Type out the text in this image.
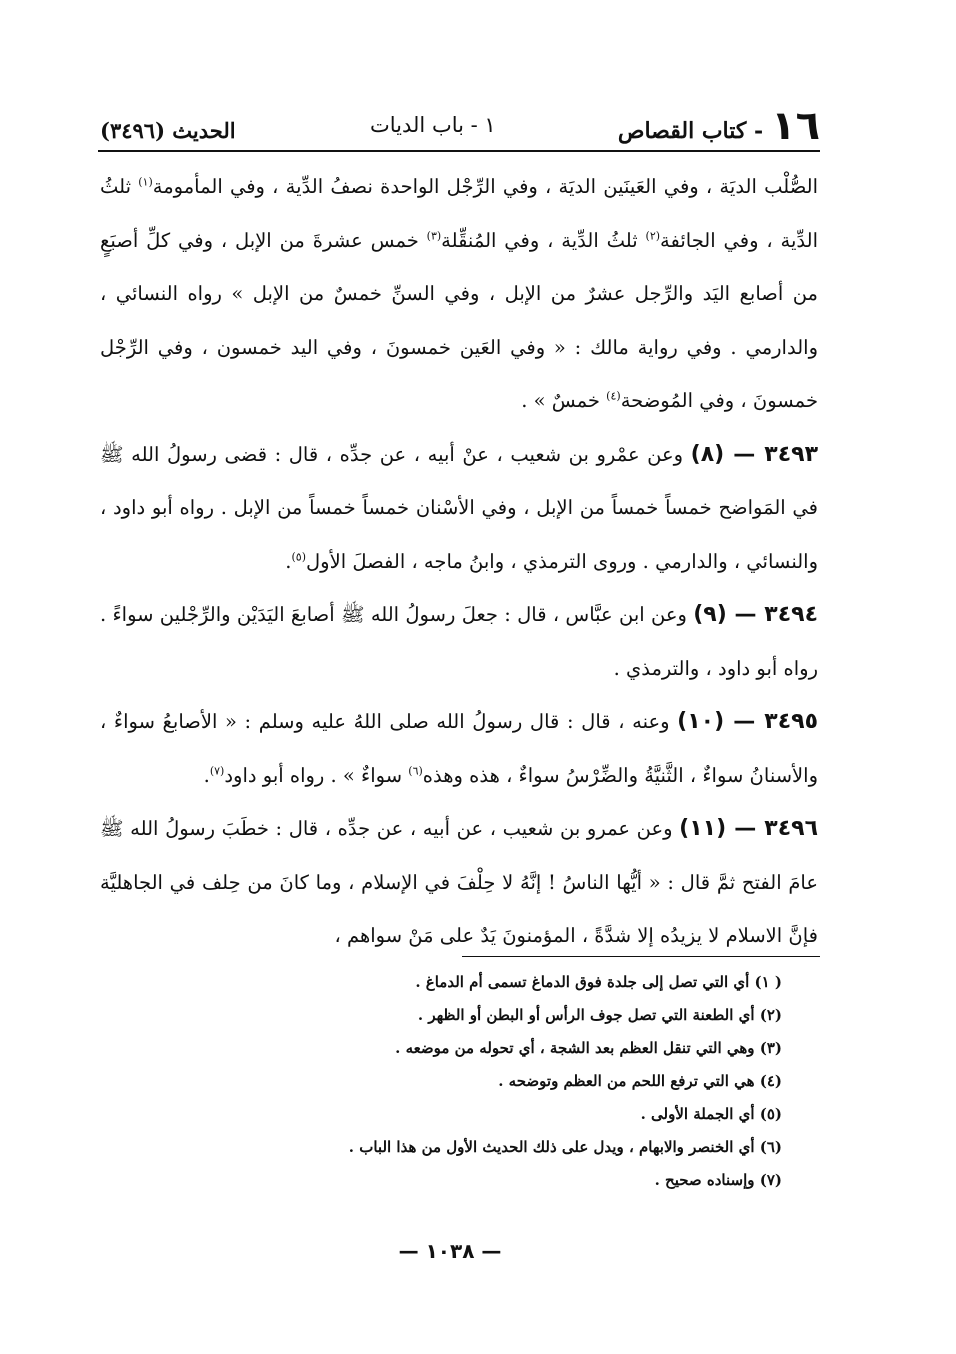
١٦
- كتاب القصاص
١ - باب الديات
الحديث (٣٤٩٦)

الصُّلْب الديَة ، وفي العَينَين الديَة ، وفي الرِّجْل الواحدة نصفُ الدِّية ، وفي المأمومة$^{(١)}$ ثلثُ الدِّية ، وفي الجائفة$^{(٢)}$ ثلثُ الدِّية ، وفي المُنقِّلة$^{(٣)}$ خمس عشرةَ من الإبل ، وفي كلِّ أصبَعٍ من أصابع اليَد والرِّجل عشرٌ من الإبل ، وفي السنِّ خمسٌ من الإبل » رواه النسائي ، والدارمي . وفي رواية مالك : « وفي العَين خمسونَ ، وفي اليد خمسون ، وفي الرِّجْل خمسونَ ، وفي المُوضحة$^{(٤)}$ خمسٌ » .

٣٤٩٣ — (٨) وعن عمْرو بن شعيب ، عنْ أبيه ، عن جدِّه ، قال : قضى رسولُ الله ﷺ في المَواضح خمساً خمساً من الإبل ، وفي الأسْنان خمساً خمساً من الإبل . رواه أبو داود ، والنسائي ، والدارمي . وروى الترمذي ، وابنُ ماجه ، الفصلَ الأول$^{(٥)}$.

٣٤٩٤ — (٩) وعن ابن عبَّاس ، قال : جعلَ رسولُ الله ﷺ أصابعَ اليَدَيْن والرِّجْلين سواءً . رواه أبو داود ، والترمذي .

٣٤٩٥ — (١٠) وعنه ، قال : قال رسولُ الله صلى اللهُ عليه وسلم : « الأصابعُ سواءٌ ، والأسنانُ سواءٌ ، الثَّنيَّةُ والضِّرْسُ سواءٌ ، هذه وهذه$^{(٦)}$ سواءٌ » . رواه أبو داود$^{(٧)}$.

٣٤٩٦ — (١١) وعن عمرو بن شعيب ، عن أبيه ، عن جدِّه ، قال : خطَبَ رسولُ الله ﷺ عامَ الفتح ثمَّ قال : « أيُّها الناسُ ! إنَّهُ لا حِلْفَ في الإسلام ، وما كانَ من حِلف في الجاهليَّة فإنَّ الاسلام لا يزيدُه إلا شدَّةً ، المؤمنونَ يَدٌ على مَنْ سواهم ،

( ١) أي التي تصل إلى جلدة فوق الدماغ تسمى أم الدماغ .
(٢) أي الطعنة التي تصل جوف الرأس أو البطن أو الظهر .
(٣) وهي التي تنقل العظم بعد الشجة ، أي تحوله من موضعه .
(٤) هي التي ترفع اللحم من العظم وتوضحه .
(٥) أي الجملة الأولى .
(٦) أي الخنصر والابهام ، ويدل على ذلك الحديث الأول من هذا الباب .
(٧) وإسناده صحيح .
— ١٠٣٨ —
